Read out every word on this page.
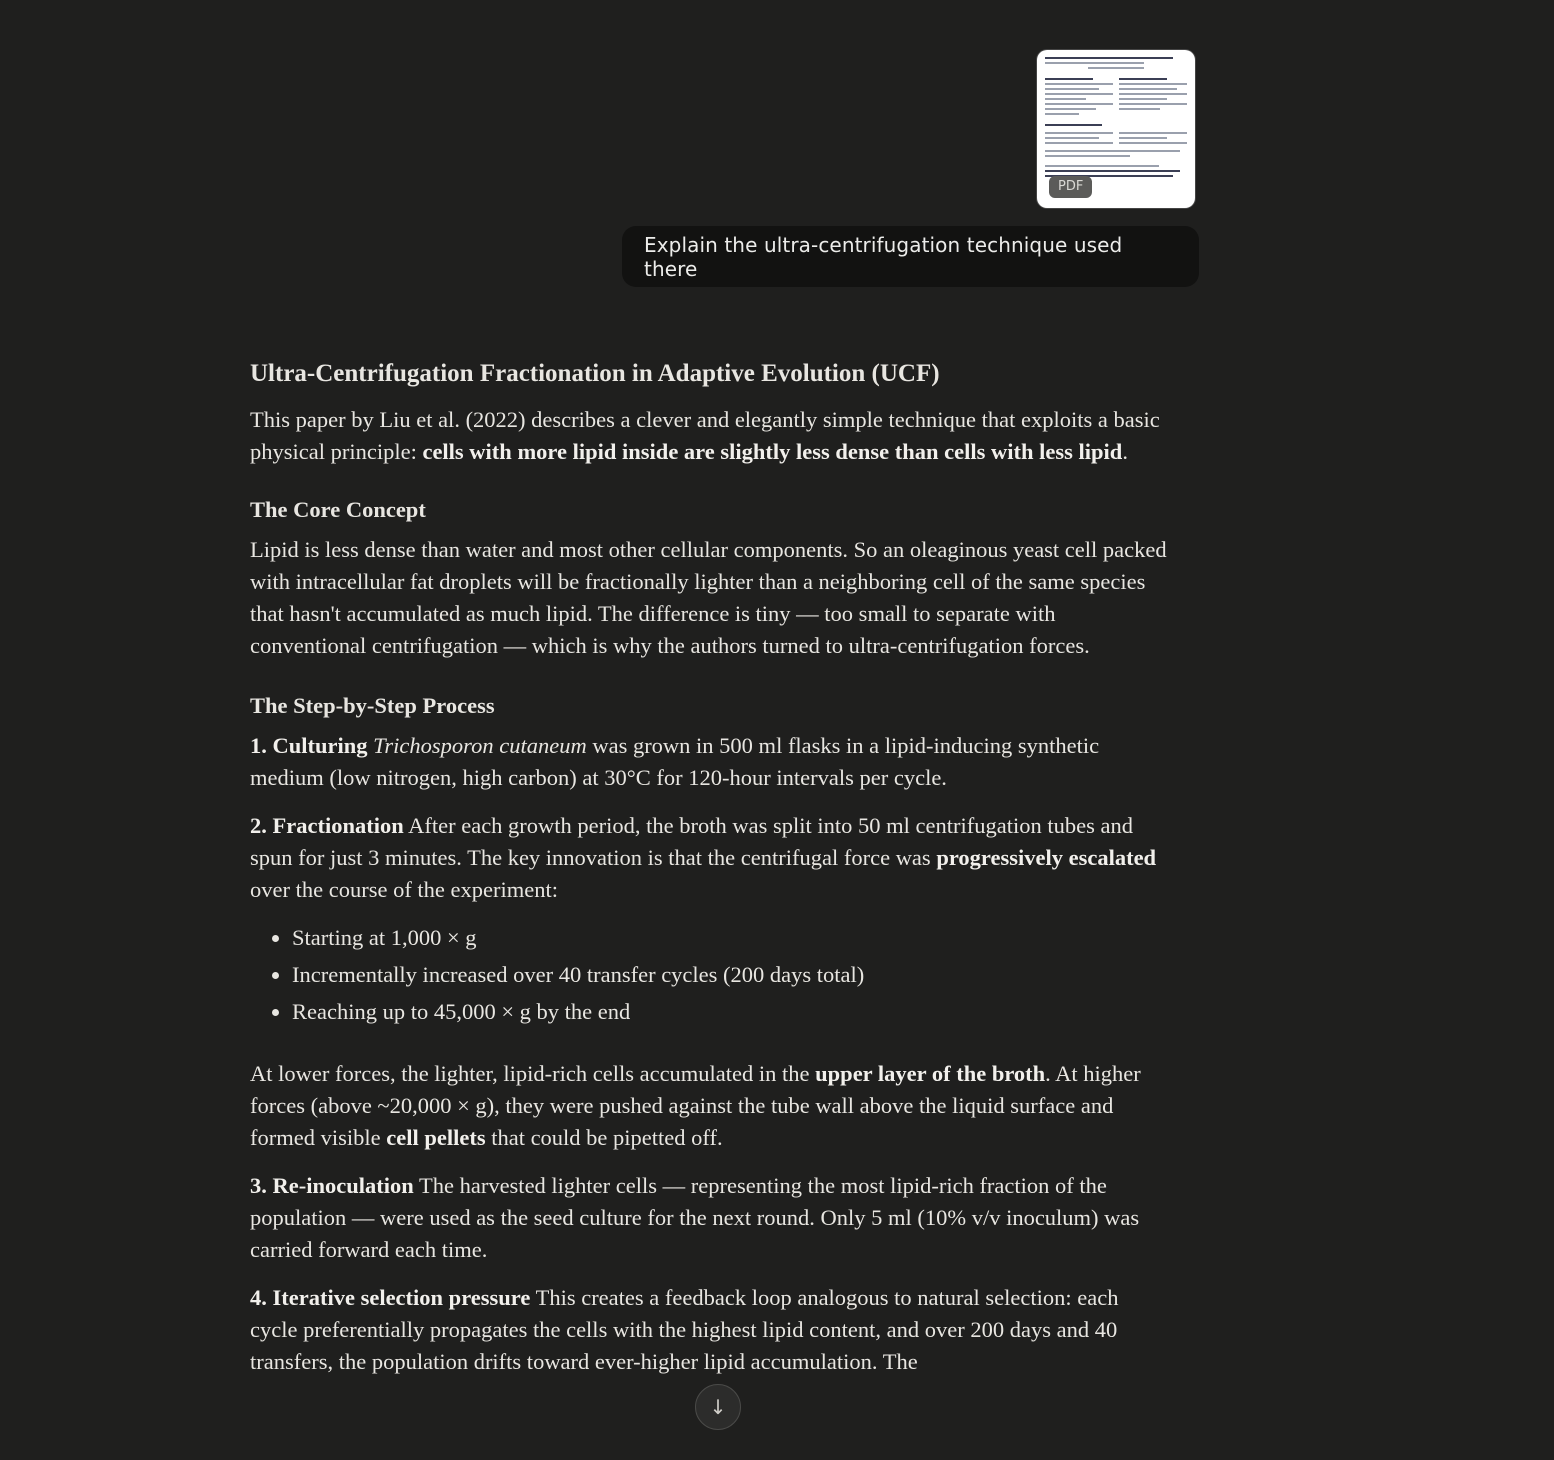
PDF
Explain the ultra-centrifugation technique used there
Ultra-Centrifugation Fractionation in Adaptive Evolution (UCF)

This paper by Liu et al. (2022) describes a clever and elegantly simple technique that exploits a basic physical principle: cells with more lipid inside are slightly less dense than cells with less lipid.

The Core Concept

Lipid is less dense than water and most other cellular components. So an oleaginous yeast cell packed with intracellular fat droplets will be fractionally lighter than a neighboring cell of the same species that hasn't accumulated as much lipid. The difference is tiny — too small to separate with conventional centrifugation — which is why the authors turned to ultra-centrifugation forces.

The Step-by-Step Process

1. Culturing Trichosporon cutaneum was grown in 500 ml flasks in a lipid-inducing synthetic medium (low nitrogen, high carbon) at 30°C for 120-hour intervals per cycle.

2. Fractionation After each growth period, the broth was split into 50 ml centrifugation tubes and spun for just 3 minutes. The key innovation is that the centrifugal force was progressively escalated over the course of the experiment:

• Starting at 1,000 × g
• Incrementally increased over 40 transfer cycles (200 days total)
• Reaching up to 45,000 × g by the end

At lower forces, the lighter, lipid-rich cells accumulated in the upper layer of the broth. At higher forces (above ~20,000 × g), they were pushed against the tube wall above the liquid surface and formed visible cell pellets that could be pipetted off.

3. Re-inoculation The harvested lighter cells — representing the most lipid-rich fraction of the population — were used as the seed culture for the next round. Only 5 ml (10% v/v inoculum) was carried forward each time.

4. Iterative selection pressure This creates a feedback loop analogous to natural selection: each cycle preferentially propagates the cells with the highest lipid content, and over 200 days and 40 transfers, the population drifts toward ever-higher lipid accumulation. The

↓
